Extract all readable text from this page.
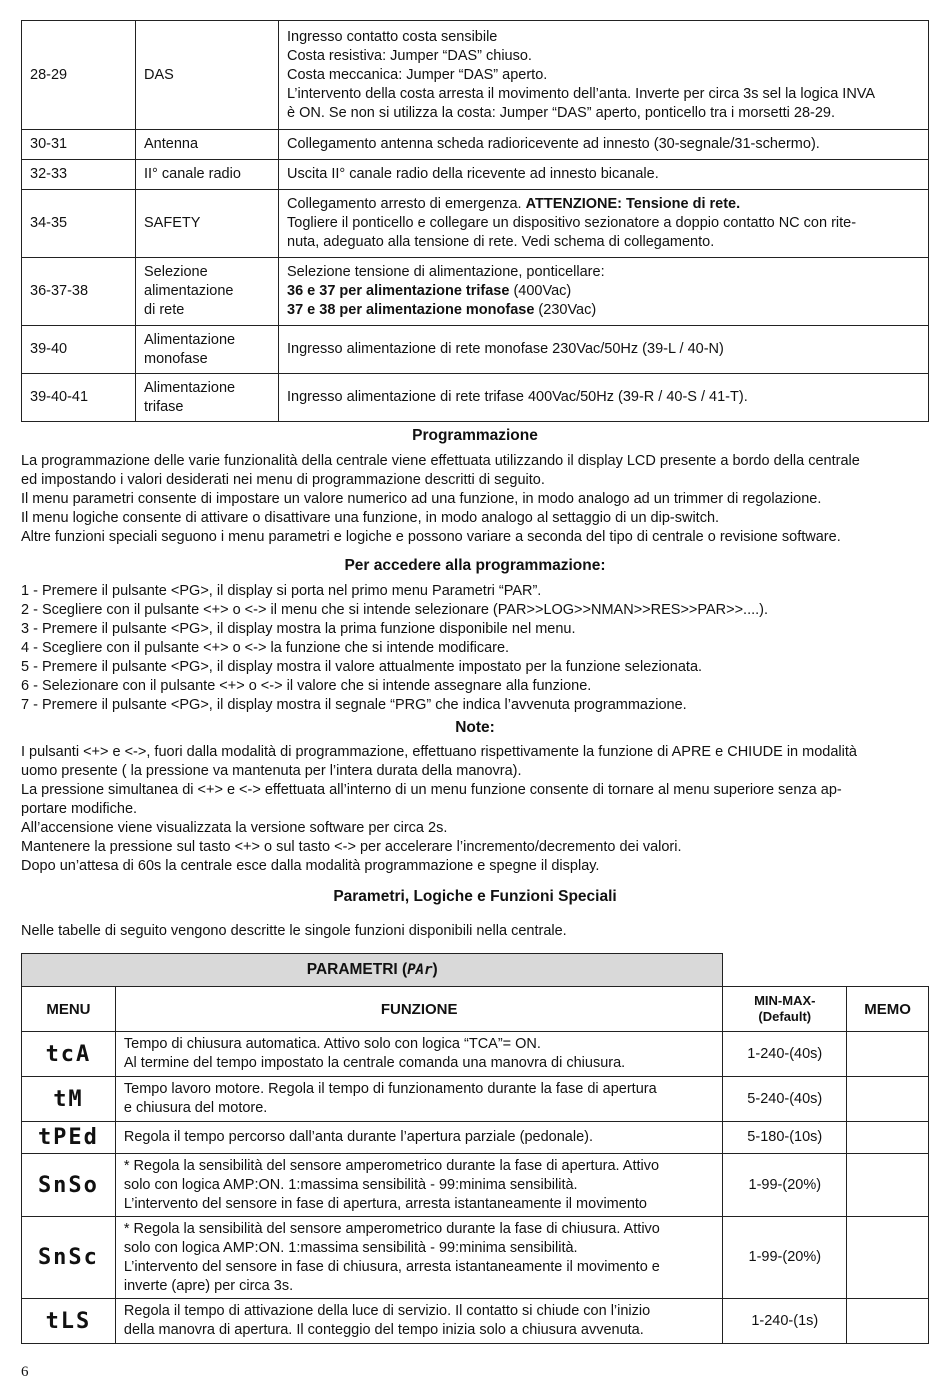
28-29	DAS	Ingresso contatto costa sensibile
Costa resistiva: Jumper “DAS” chiuso.
Costa meccanica: Jumper “DAS” aperto.
L’intervento della costa arresta il movimento dell’anta. Inverte per circa 3s sel la logica INVA
è ON. Se non si utilizza la costa: Jumper “DAS” aperto, ponticello tra i morsetti 28-29.

30-31	Antenna	Collegamento antenna scheda radioricevente ad innesto (30-segnale/31-schermo).

32-33	II° canale radio	Uscita II° canale radio della ricevente ad innesto bicanale.

34-35	SAFETY	Collegamento arresto di emergenza. ATTENZIONE: Tensione di rete.
Togliere il ponticello e collegare un dispositivo sezionatore a doppio contatto NC con rite-
nuta, adeguato alla tensione di rete. Vedi schema di collegamento.

36-37-38	Selezione
alimentazione
di rete	Selezione tensione di alimentazione, ponticellare:
36 e 37 per alimentazione trifase (400Vac)
37 e 38 per alimentazione monofase (230Vac)

39-40	Alimentazione
monofase	Ingresso alimentazione di rete monofase 230Vac/50Hz (39-L / 40-N)

39-40-41	Alimentazione
trifase	Ingresso alimentazione di rete trifase 400Vac/50Hz (39-R / 40-S / 41-T).
Programmazione
La programmazione delle varie funzionalità della centrale viene effettuata utilizzando il display LCD presente a bordo della centrale
ed impostando i valori desiderati nei menu di programmazione descritti di seguito.
Il menu parametri consente di impostare un valore numerico ad una funzione, in modo analogo ad un trimmer di regolazione.
Il menu logiche consente di attivare o disattivare una funzione, in modo analogo al settaggio di un dip-switch.
Altre funzioni speciali seguono i menu parametri e logiche e possono variare a seconda del tipo di centrale o revisione software.
Per accedere alla programmazione:
1 - Premere il pulsante <PG>, il display si porta nel primo menu Parametri “PAR”.
2 - Scegliere con il pulsante <+> o <-> il menu che si intende selezionare (PAR>>LOG>>NMAN>>RES>>PAR>>....).
3 - Premere il pulsante <PG>, il display mostra la prima funzione disponibile nel menu.
4 - Scegliere con il pulsante <+> o <-> la funzione che si intende modificare.
5 - Premere il pulsante <PG>, il display mostra il valore attualmente impostato per la funzione selezionata.
6 - Selezionare con il pulsante <+> o <-> il valore che si intende assegnare alla funzione.
7 - Premere il pulsante <PG>, il display mostra il segnale “PRG” che indica l’avvenuta programmazione.
Note:
I pulsanti <+> e <->, fuori dalla modalità di programmazione, effettuano rispettivamente la funzione di APRE e CHIUDE in modalità
uomo presente ( la pressione va mantenuta per l’intera durata della manovra).
La pressione simultanea di <+> e <-> effettuata all’interno di un menu funzione consente di tornare al menu superiore senza ap-
portare modifiche.
All’accensione viene visualizzata la versione software per circa 2s.
Mantenere la pressione sul tasto <+> o sul tasto <-> per accelerare l’incremento/decremento dei valori.
Dopo un’attesa di 60s la centrale esce dalla modalità programmazione e spegne il display.
Parametri, Logiche e Funzioni Speciali
Nelle tabelle di seguito vengono descritte le singole funzioni disponibili nella centrale.
PARAMETRI (PAr)			
MENU	FUNZIONE	MIN-MAX-
(Default)	MEMO
tcA	Tempo di chiusura automatica. Attivo solo con logica “TCA”= ON.
Al termine del tempo impostato la centrale comanda una manovra di chiusura.	1-240-(40s)	
tM	Tempo lavoro motore. Regola il tempo di funzionamento durante la fase di apertura
e chiusura del motore.	5-240-(40s)	
tPEd	Regola il tempo percorso dall’anta durante l’apertura parziale (pedonale).	5-180-(10s)	
SnSo	* Regola la sensibilità del sensore amperometrico durante la fase di apertura. Attivo
solo con logica AMP:ON. 1:massima sensibilità - 99:minima sensibilità.
L’intervento del sensore in fase di apertura, arresta istantaneamente il movimento	1-99-(20%)	
SnSc	* Regola la sensibilità del sensore amperometrico durante la fase di chiusura. Attivo
solo con logica AMP:ON. 1:massima sensibilità - 99:minima sensibilità.
L’intervento del sensore in fase di chiusura, arresta istantaneamente il movimento e
inverte (apre) per circa 3s.	1-99-(20%)	
tLS	Regola il tempo di attivazione della luce di servizio. Il contatto si chiude con l’inizio
della manovra di apertura. Il conteggio del tempo inizia solo a chiusura avvenuta.	1-240-(1s)	
6
